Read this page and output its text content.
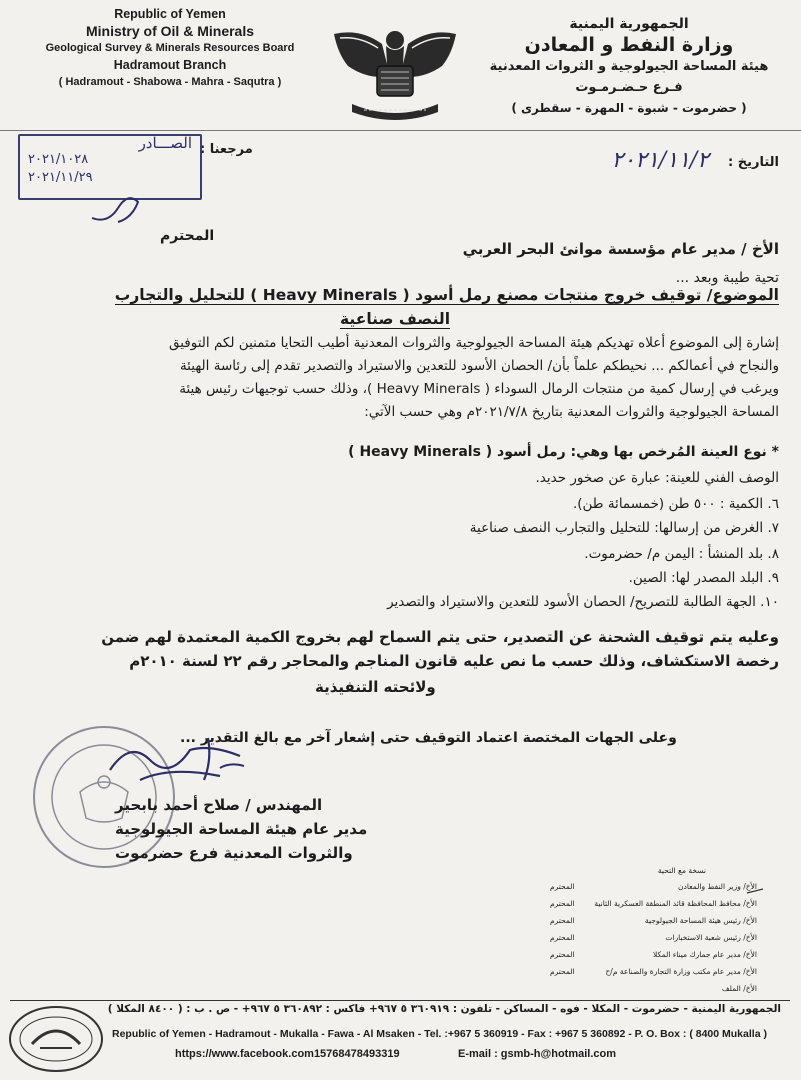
Republic of Yemen
Ministry of Oil & Minerals
Geological Survey & Minerals Resources Board
Hadramout Branch
( Hadramout - Shabowa - Mahra - Saqutra )
الجمهورية اليمنية
وزارة النفط و المعادن
هيئة المساحة الجيولوجية و الثروات المعدنية
فـرع حـضـرمـوت
( حضرموت - شبوة - المهرة - سقطرى )
مرجعنا :
الصـــادر
٢٠٢١/١٠٢٨
٢٠٢١/١١/٢٩
التاريخ :
٢٠٢١/١١/٢
المحترم
الأخ / مدير عام مؤسسة موانئ البحر العربي
تحية طيبة وبعد ...
الموضوع/ توقيف خروج منتجات مصنع رمل أسود ( Heavy Minerals ) للتحليل والتجارب
النصف صناعية
إشارة إلى الموضوع أعلاه تهديكم هيئة المساحة الجيولوجية والثروات المعدنية أطيب التحايا متمنين لكم التوفيق
والنجاح في أعمالكم ... نحيطكم علماً بأن/ الحصان الأسود للتعدين والاستيراد والتصدير تقدم إلى رئاسة الهيئة
ويرغب في إرسال كمية من منتجات الرمال السوداء ( Heavy Minerals )، وذلك حسب توجيهات رئيس هيئة
المساحة الجيولوجية والثروات المعدنية بتاريخ ٢٠٢١/٧/٨م وهي حسب الآتي:
* نوع العينة المُرخص بها وهي: رمل أسود ( Heavy Minerals )
الوصف الفني للعينة: عبارة عن صخور حديد.
٦. الكمية : ٥٠٠ طن (خمسمائة طن).
٧. الغرض من إرسالها: للتحليل والتجارب النصف صناعية
٨. بلد المنشأ : اليمن م/ حضرموت.
٩. البلد المصدر لها: الصين.
١٠. الجهة الطالبة للتصريح/ الحصان الأسود للتعدين والاستيراد والتصدير
وعليه يتم توقيف الشحنة عن التصدير، حتى يتم السماح لهم بخروج الكمية المعتمدة لهم ضمن
رخصة الاستكشاف، وذلك حسب ما نص عليه قانون المناجم والمحاجر رقم ٢٢ لسنة ٢٠١٠م
ولائحته التنفيذية
وعلى الجهات المختصة اعتماد التوقيف حتى إشعار آخر مع بالغ التقدير ...
المهندس / صلاح أحمد بابحير
مدير عام هيئة المساحة الجيولوجية
والثروات المعدنية فرع حضرموت
نسخة مع التحية
الأخ/ وزير النفط والمعادن
المحترم
الأخ/ محافظ المحافظة قائد المنطقة العسكرية الثانية
المحترم
الأخ/ رئيس هيئة المساحة الجيولوجية
المحترم
الأخ/ رئيس شعبة الاستخبارات
المحترم
الأخ/ مدير عام جمارك ميناء المكلا
المحترم
الأخ/ مدير عام مكتب وزارة التجارة والصناعة م/ح
المحترم
الأخ/ الملف
الجمهورية اليمنية - حضرموت - المكلا - فوه - المساكن - تلفون : ٣٦٠٩١٩ ٥ ٩٦٧+ فاكس : ٣٦٠٨٩٢ ٥ ٩٦٧+ - ص . ب : ( ٨٤٠٠ المكلا )
Republic of Yemen - Hadramout - Mukalla - Fawa - Al Msaken - Tel. :+967 5 360919 - Fax : +967 5 360892 - P. O. Box : ( 8400 Mukalla )
https://www.facebook.com15768478493319	E-mail : gsmb-h@hotmail.com
